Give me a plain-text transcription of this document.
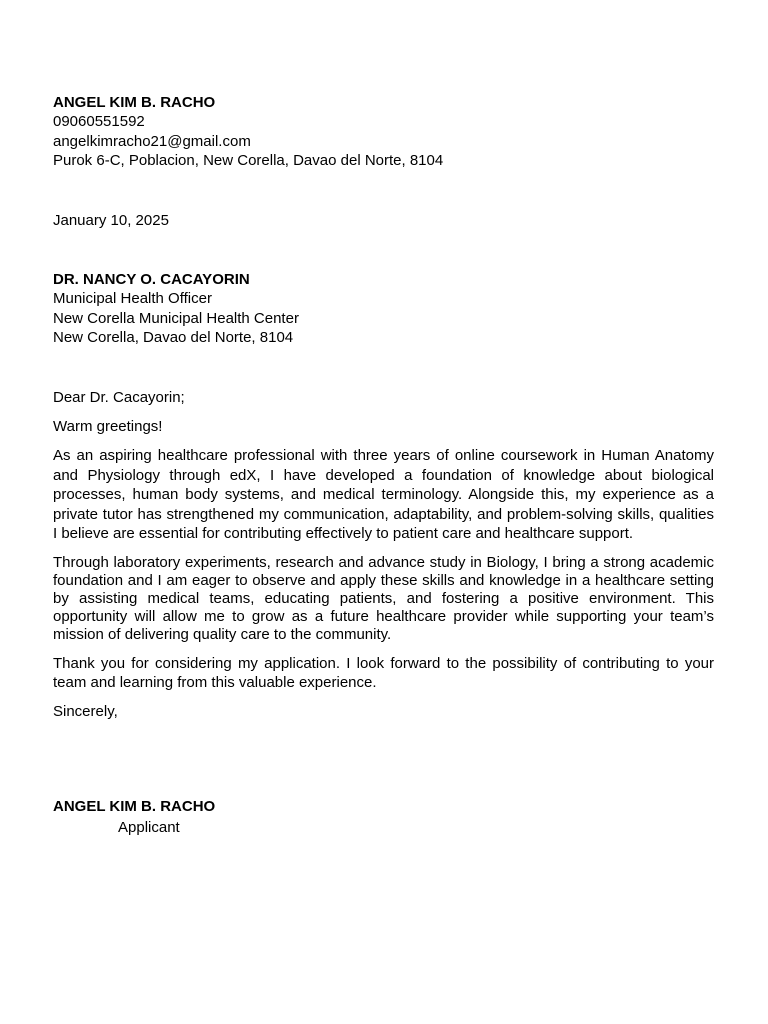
ANGEL KIM B. RACHO
09060551592
angelkimracho21@gmail.com
Purok 6-C, Poblacion, New Corella, Davao del Norte, 8104
January 10, 2025
DR. NANCY O. CACAYORIN
Municipal Health Officer
New Corella Municipal Health Center
New Corella, Davao del Norte, 8104

Dear Dr. Cacayorin;

Warm greetings!

As an aspiring healthcare professional with three years of online coursework in Human Anatomy and Physiology through edX, I have developed a foundation of knowledge about biological processes, human body systems, and medical terminology. Alongside this, my experience as a private tutor has strengthened my communication, adaptability, and problem-solving skills, qualities I believe are essential for contributing effectively to patient care and healthcare support.

Through laboratory experiments, research and advance study in Biology, I bring a strong academic foundation and I am eager to observe and apply these skills and knowledge in a healthcare setting by assisting medical teams, educating patients, and fostering a positive environment. This opportunity will allow me to grow as a future healthcare provider while supporting your team’s mission of delivering quality care to the community.

Thank you for considering my application. I look forward to the possibility of contributing to your team and learning from this valuable experience.

Sincerely,

ANGEL KIM B. RACHO
Applicant
